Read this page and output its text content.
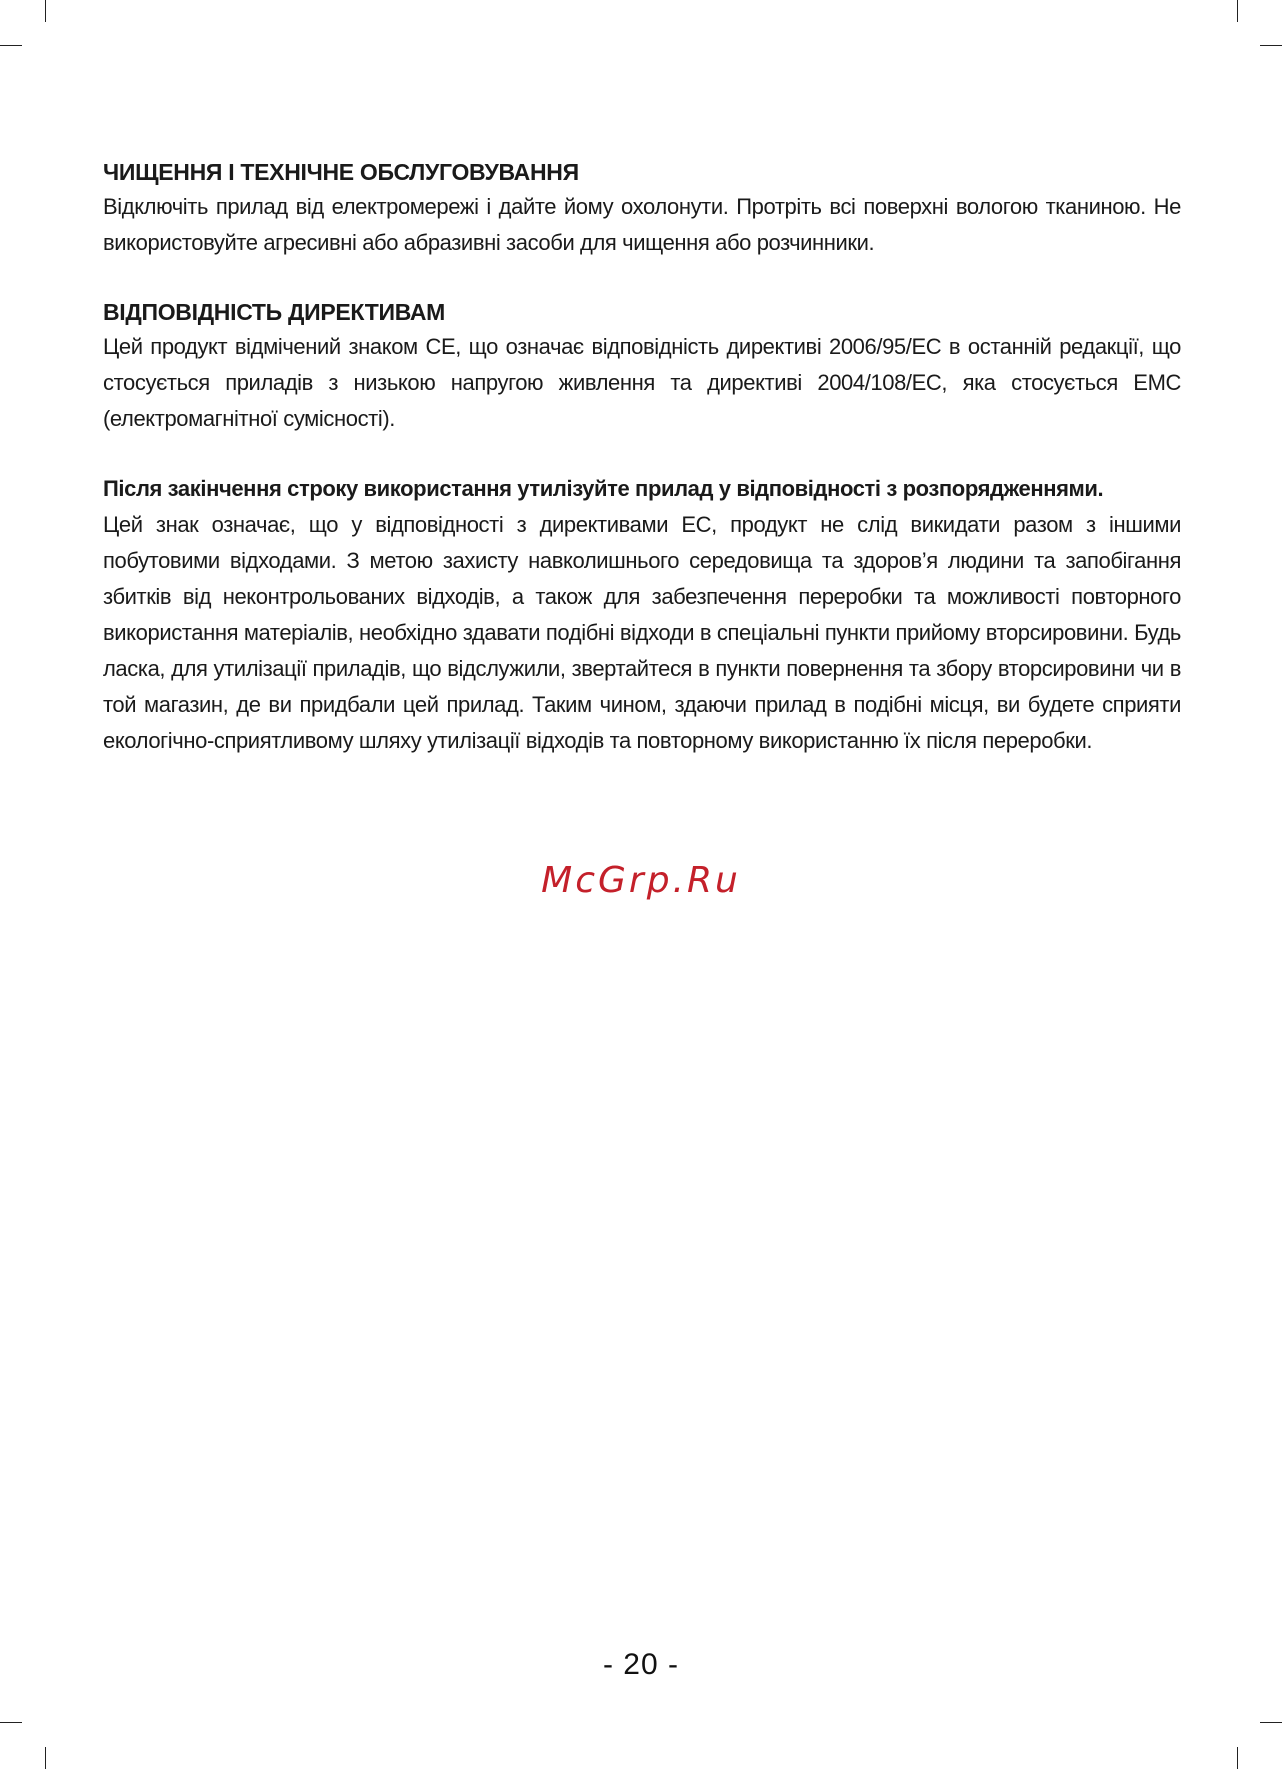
ЧИЩЕННЯ І ТЕХНІЧНЕ ОБСЛУГОВУВАННЯ

Відключіть прилад від електромережі і дайте йому охолонути. Протріть всі поверхні вологою тканиною. Не використовуйте агресивні або абразивні засоби для чищення або розчинники.

ВІДПОВІДНІСТЬ ДИРЕКТИВАМ

Цей продукт відмічений знаком CE, що означає відповідність директиві 2006/95/EC в останній редакції, що стосується приладів з низькою напругою живлення та директиві 2004/108/EC, яка стосується EMC (електромагнітної сумісності).

Після закінчення строку використання утилізуйте прилад у відповідності з розпорядженнями.

Цей знак означає, що у відповідності з директивами ЕС, продукт не слід викидати разом з іншими побутовими відходами. З метою захисту навколишнього середовища та здоров’я людини та запобігання збитків від неконтрольованих відходів, а також для забезпечення переробки та можливості повторного використання матеріалів, необхідно здавати подібні відходи в спеціальні пункти прийому вторсировини. Будь ласка, для утилізації приладів, що відслужили, звертайтеся в пункти повернення та збору вторсировини чи в той магазин, де ви придбали цей прилад. Таким чином, здаючи прилад в подібні місця, ви будете сприяти екологічно-сприятливому шляху утилізації відходів та повторному використанню їх після переробки.

McGrp.Ru
- 20 -
